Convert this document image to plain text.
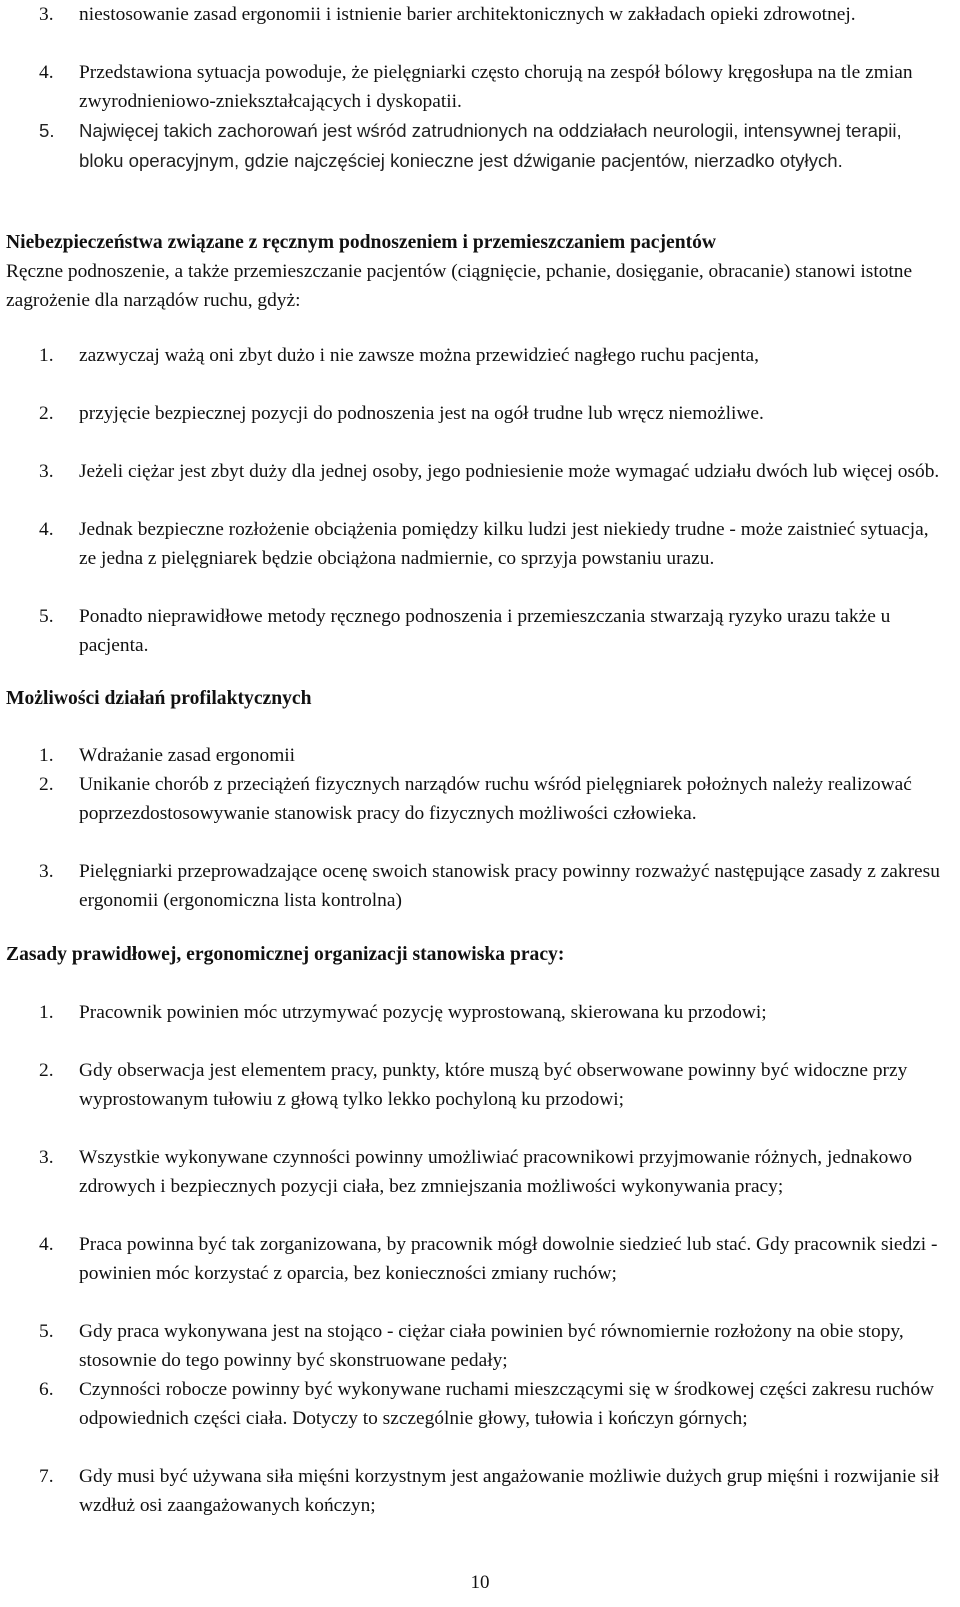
3. niestosowanie zasad ergonomii i istnienie barier architektonicznych w zakładach opieki zdrowotnej.
4. Przedstawiona sytuacja powoduje, że pielęgniarki często chorują na zespół bólowy kręgosłupa na tle zmian zwyrodnieniowo-zniekształcających i dyskopatii.
5. Najwięcej takich zachorowań jest wśród zatrudnionych na oddziałach neurologii, intensywnej terapii, bloku operacyjnym, gdzie najczęściej konieczne jest dźwiganie pacjentów, nierzadko otyłych.

Niebezpieczeństwa związane z ręcznym podnoszeniem i przemieszczaniem pacjentów

Ręczne podnoszenie, a także przemieszczanie pacjentów (ciągnięcie, pchanie, dosięganie, obracanie) stanowi istotne zagrożenie dla narządów ruchu, gdyż:

1. zazwyczaj ważą oni zbyt dużo i nie zawsze można przewidzieć nagłego ruchu pacjenta,
2. przyjęcie bezpiecznej pozycji do podnoszenia jest na ogół trudne lub wręcz niemożliwe.
3. Jeżeli ciężar jest zbyt duży dla jednej osoby, jego podniesienie może wymagać udziału dwóch lub więcej osób.
4. Jednak bezpieczne rozłożenie obciążenia pomiędzy kilku ludzi jest niekiedy trudne - może zaistnieć sytuacja, ze jedna z pielęgniarek będzie obciążona nadmiernie, co sprzyja powstaniu urazu.
5. Ponadto nieprawidłowe metody ręcznego podnoszenia i przemieszczania stwarzają ryzyko urazu także u pacjenta.

Możliwości działań profilaktycznych

1. Wdrażanie zasad ergonomii
2. Unikanie chorób z przeciążeń fizycznych narządów ruchu wśród pielęgniarek położnych należy realizować poprzezdostosowywanie stanowisk pracy do fizycznych możliwości człowieka.
3. Pielęgniarki przeprowadzające ocenę swoich stanowisk pracy powinny rozważyć następujące zasady z zakresu ergonomii (ergonomiczna lista kontrolna)

Zasady prawidłowej, ergonomicznej organizacji stanowiska pracy:

1. Pracownik powinien móc utrzymywać pozycję wyprostowaną, skierowana ku przodowi;
2. Gdy obserwacja jest elementem pracy, punkty, które muszą być obserwowane powinny być widoczne przy wyprostowanym tułowiu z głową tylko lekko pochyloną ku przodowi;
3. Wszystkie wykonywane czynności powinny umożliwiać pracownikowi przyjmowanie różnych, jednakowo zdrowych i bezpiecznych pozycji ciała, bez zmniejszania możliwości wykonywania pracy;
4. Praca powinna być tak zorganizowana, by pracownik mógł dowolnie siedzieć lub stać. Gdy pracownik siedzi - powinien móc korzystać z oparcia, bez konieczności zmiany ruchów;
5. Gdy praca wykonywana jest na stojąco - ciężar ciała powinien być równomiernie rozłożony na obie stopy, stosownie do tego powinny być skonstruowane pedały;
6. Czynności robocze powinny być wykonywane ruchami mieszczącymi się w środkowej części zakresu ruchów odpowiednich części ciała. Dotyczy to szczególnie głowy, tułowia i kończyn górnych;
7. Gdy musi być używana siła mięśni korzystnym jest angażowanie możliwie dużych grup mięśni i rozwijanie sił wzdłuż osi zaangażowanych kończyn;
10
